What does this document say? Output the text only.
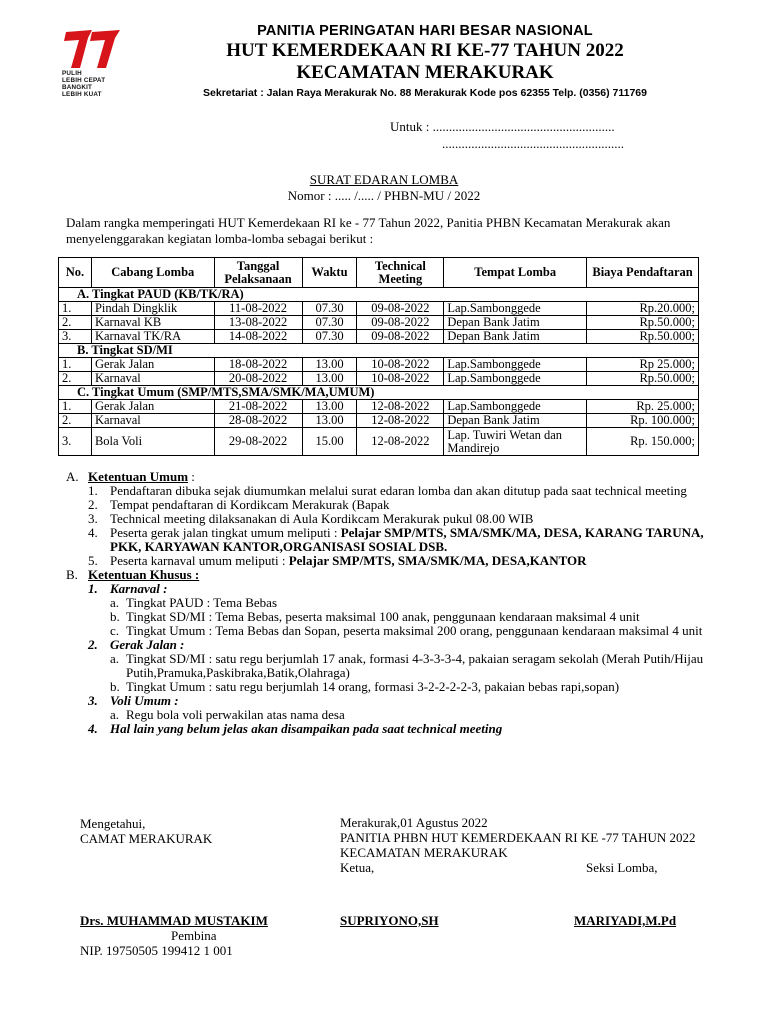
PULIH
LEBIH CEPAT
BANGKIT
LEBIH KUAT
PANITIA PERINGATAN HARI BESAR NASIONAL
HUT KEMERDEKAAN RI KE-77 TAHUN 2022
KECAMATAN MERAKURAK
Sekretariat : Jalan Raya Merakurak No. 88 Merakurak Kode pos 62355 Telp. (0356) 711769
Untuk : ........................................................
........................................................
SURAT EDARAN LOMBA
Nomor : ..... /..... / PHBN-MU / 2022
Dalam rangka memperingati HUT Kemerdekaan RI ke - 77 Tahun 2022, Panitia PHBN Kecamatan Merakurak akan menyelenggarakan kegiatan lomba-lomba sebagai berikut :
No.	Cabang Lomba	Tanggal Pelaksanaan	Waktu	Technical Meeting	Tempat Lomba	Biaya Pendaftaran
A. Tingkat PAUD (KB/TK/RA)						
1.	Pindah Dingklik	11-08-2022	07.30	09-08-2022	Lap.Sambonggede	Rp.20.000;
2.	Karnaval KB	13-08-2022	07.30	09-08-2022	Depan Bank Jatim	Rp.50.000;
3.	Karnaval TK/RA	14-08-2022	07.30	09-08-2022	Depan Bank Jatim	Rp.50.000;
B. Tingkat SD/MI						
1.	Gerak Jalan	18-08-2022	13.00	10-08-2022	Lap.Sambonggede	Rp 25.000;
2.	Karnaval	20-08-2022	13.00	10-08-2022	Lap.Sambonggede	Rp.50.000;
C. Tingkat Umum (SMP/MTS,SMA/SMK/MA,UMUM)						
1.	Gerak Jalan	21-08-2022	13.00	12-08-2022	Lap.Sambonggede	Rp. 25.000;
2.	Karnaval	28-08-2022	13.00	12-08-2022	Depan Bank Jatim	Rp. 100.000;
3.	Bola Voli	29-08-2022	15.00	12-08-2022	Lap. Tuwiri Wetan dan Mandirejo	Rp. 150.000;
A. Ketentuan Umum :
1. Pendaftaran dibuka sejak diumumkan melalui surat edaran lomba dan akan ditutup pada saat technical meeting
2. Tempat pendaftaran di Kordikcam Merakurak (Bapak
3. Technical meeting dilaksanakan di Aula Kordikcam Merakurak pukul 08.00 WIB
4. Peserta gerak jalan tingkat umum meliputi : Pelajar SMP/MTS, SMA/SMK/MA, DESA, KARANG TARUNA, PKK, KARYAWAN KANTOR,ORGANISASI SOSIAL DSB.
5. Peserta karnaval umum meliputi : Pelajar SMP/MTS, SMA/SMK/MA, DESA,KANTOR
B. Ketentuan Khusus :
1. Karnaval :
a. Tingkat PAUD : Tema Bebas
b. Tingkat SD/MI : Tema Bebas, peserta maksimal 100 anak, penggunaan kendaraan maksimal 4 unit
c. Tingkat Umum : Tema Bebas dan Sopan, peserta maksimal 200 orang, penggunaan kendaraan maksimal 4 unit
2. Gerak Jalan :
a. Tingkat SD/MI : satu regu berjumlah 17 anak, formasi 4-3-3-3-4, pakaian seragam sekolah (Merah Putih/Hijau Putih,Pramuka,Paskibraka,Batik,Olahraga)
b. Tingkat Umum : satu regu berjumlah 14 orang, formasi 3-2-2-2-2-3, pakaian bebas rapi,sopan)
3. Voli Umum :
a. Regu bola voli perwakilan atas nama desa
4. Hal lain yang belum jelas akan disampaikan pada saat technical meeting
Mengetahui,
CAMAT MERAKURAK
Merakurak,01 Agustus 2022
PANITIA PHBN HUT KEMERDEKAAN RI KE -77 TAHUN 2022
KECAMATAN MERAKURAK
Ketua,	Seksi Lomba,
Drs. MUHAMMAD MUSTAKIM
Pembina
NIP. 19750505 199412 1 001
SUPRIYONO,SH	MARIYADI,M.Pd
